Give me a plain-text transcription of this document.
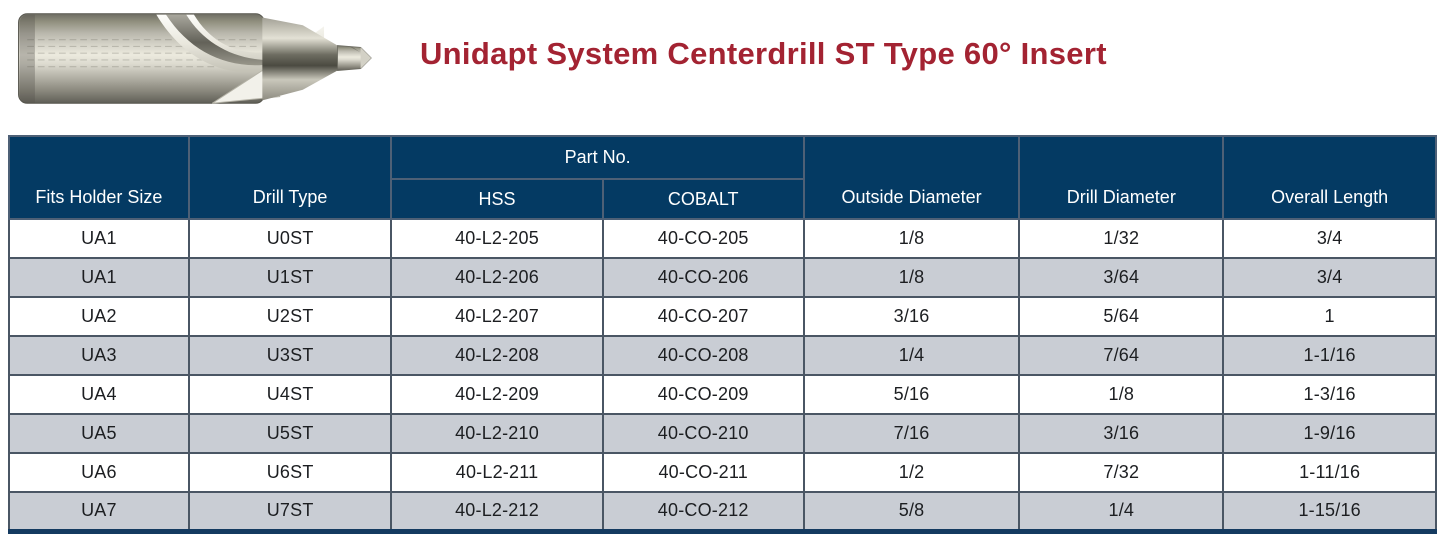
Unidapt System Centerdrill ST Type 60° Insert
Fits Holder Size	Drill Type	Part No.		Outside Diameter	Drill Diameter	Overall Length
		HSS	COBALT			
UA1	U0ST	40-L2-205	40-CO-205	1/8	1/32	3/4
UA1	U1ST	40-L2-206	40-CO-206	1/8	3/64	3/4
UA2	U2ST	40-L2-207	40-CO-207	3/16	5/64	1
UA3	U3ST	40-L2-208	40-CO-208	1/4	7/64	1-1/16
UA4	U4ST	40-L2-209	40-CO-209	5/16	1/8	1-3/16
UA5	U5ST	40-L2-210	40-CO-210	7/16	3/16	1-9/16
UA6	U6ST	40-L2-211	40-CO-211	1/2	7/32	1-11/16
UA7	U7ST	40-L2-212	40-CO-212	5/8	1/4	1-15/16
